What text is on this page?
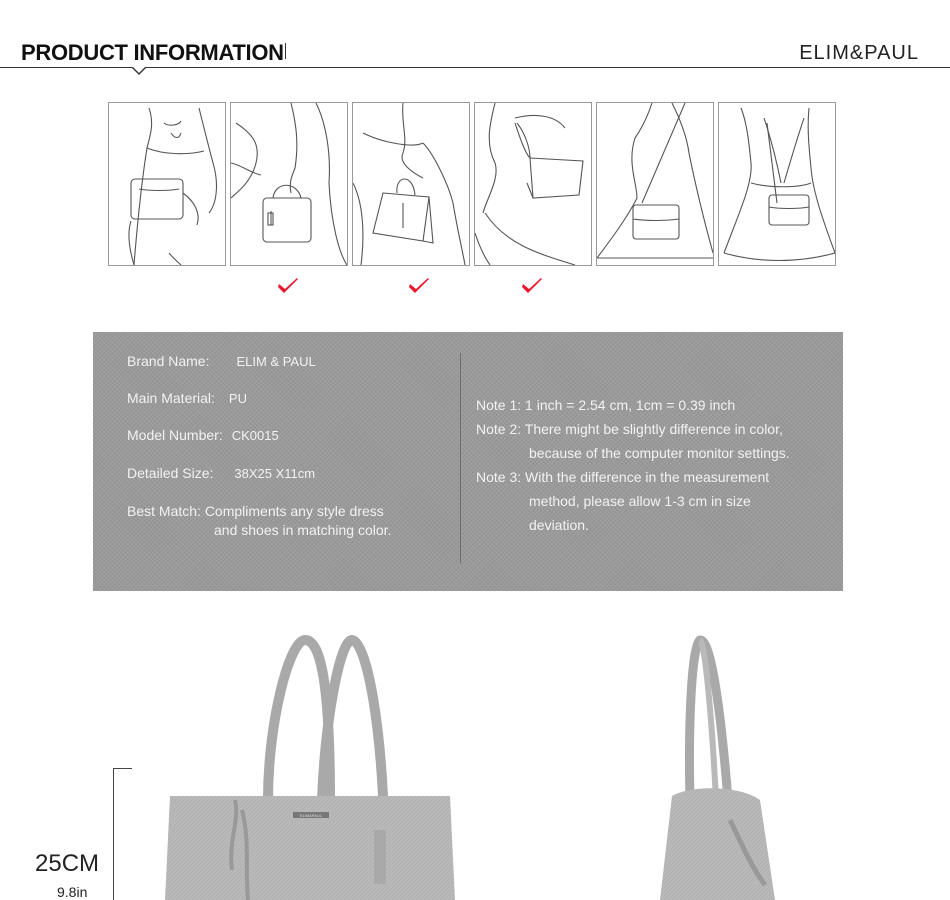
PRODUCT INFORMATION	ELIM&PAUL
Brand Name: ELIM & PAUL
Main Material: PU
Model Number: CK0015
Detailed Size: 38X25 X11cm
Best Match: Compliments any style dress
and shoes in matching color.
Note 1: 1 inch = 2.54 cm, 1cm = 0.39 inch
Note 2: There might be slightly difference in color,
because of the computer monitor settings.
Note 3: With the difference in the measurement
method, please allow 1-3 cm in size
deviation.
ELIM&PAUL
25CM
9.8in
